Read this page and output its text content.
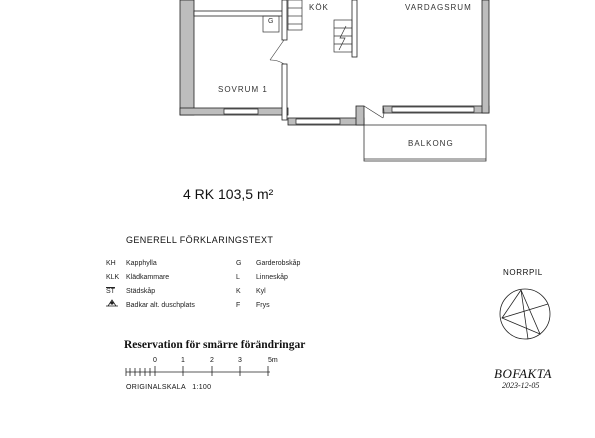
KÖK	VARDAGSRUM
SOVRUM 1
BALKONG
G
4 RK 103,5 m²
GENERELL FÖRKLARINGSTEXT
KH Kapphylla
KLK Klädkammare
$\overline{ST}$ Städskåp
Badkar alt. duschplats
G Garderobskåp
L Linneskåp
K Kyl
F Frys
Reservation för smärre förändringar
0	1	2	3	5m
ORIGINALSKALA   1:100
NORRPIL
BOFAKTA
2023-12-05
